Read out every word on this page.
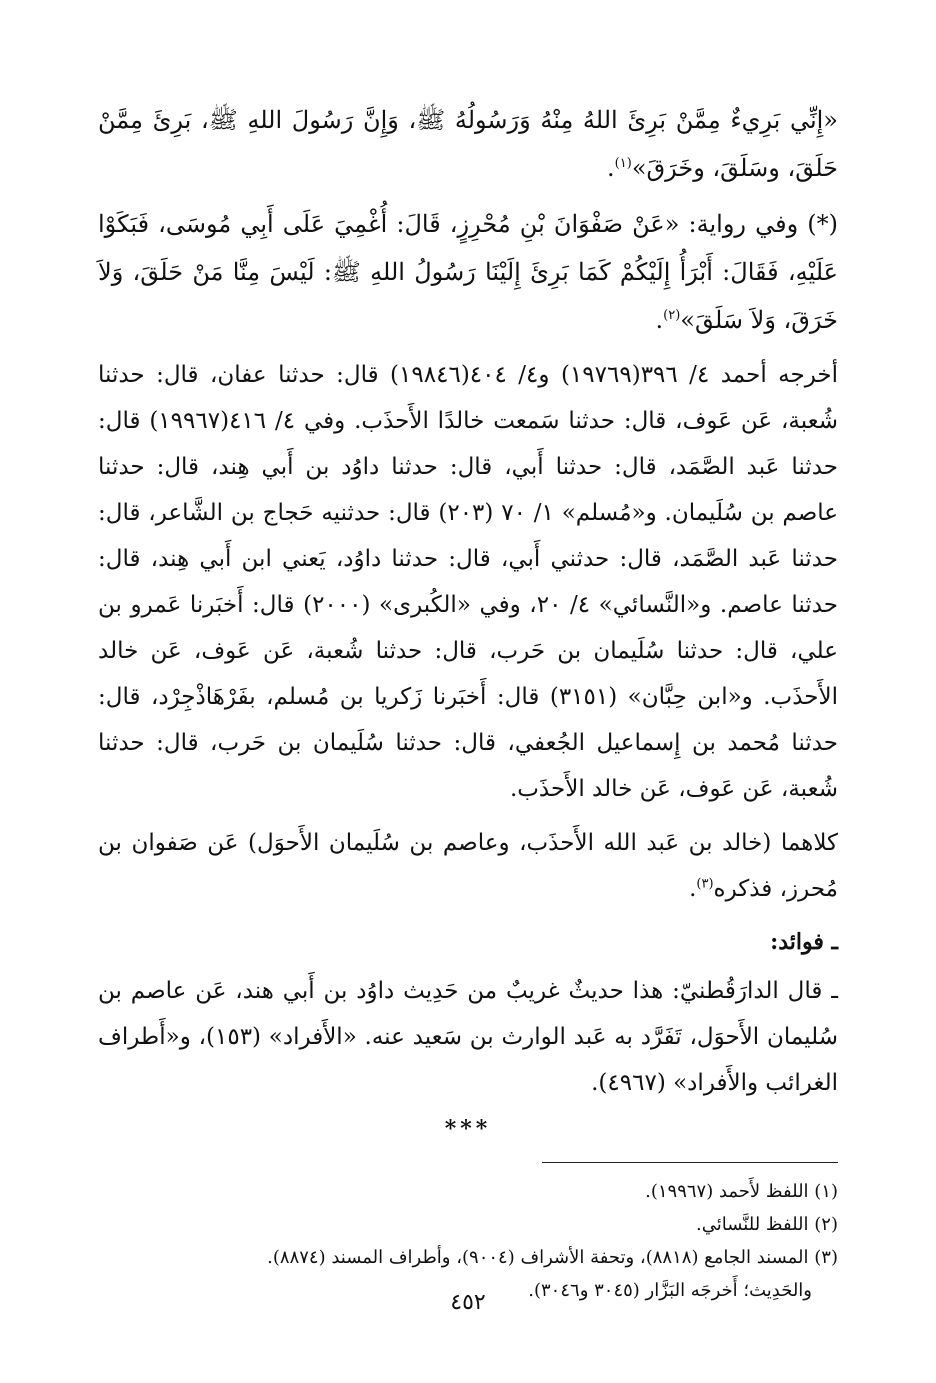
«إِنِّي بَرِيءٌ مِمَّنْ بَرِئَ اللهُ مِنْهُ وَرَسُولُهُ ﷺ، وَإِنَّ رَسُولَ اللهِ ﷺ، بَرِئَ مِمَّنْ حَلَقَ، وسَلَقَ، وخَرَقَ»$^{(١)}$.

(*) وفي رواية: «عَنْ صَفْوَانَ بْنِ مُحْرِزٍ، قَالَ: أُغْمِيَ عَلَى أَبِي مُوسَى، فَبَكَوْا عَلَيْهِ، فَقَالَ: أَبْرَأُ إِلَيْكُمْ كَمَا بَرِئَ إِلَيْنَا رَسُولُ اللهِ ﷺ: لَيْسَ مِنَّا مَنْ حَلَقَ، وَلاَ خَرَقَ، وَلاَ سَلَقَ»$^{(٢)}$.

أخرجه أحمد ٤/ ٣٩٦(١٩٧٦٩) و٤/ ٤٠٤(١٩٨٤٦) قال: حدثنا عفان، قال: حدثنا شُعبة، عَن عَوف، قال: حدثنا سَمعت خالدًا الأَحذَب. وفي ٤/ ٤١٦(١٩٩٦٧) قال: حدثنا عَبد الصَّمَد، قال: حدثنا أَبي، قال: حدثنا داوُد بن أَبي هِند، قال: حدثنا عاصم بن سُلَيمان. و«مُسلم» ١/ ٧٠ (٢٠٣) قال: حدثنيه حَجاج بن الشَّاعر، قال: حدثنا عَبد الصَّمَد، قال: حدثني أَبي، قال: حدثنا داوُد، يَعني ابن أَبي هِند، قال: حدثنا عاصم. و«النَّسائي» ٤/ ٢٠، وفي «الكُبرى» (٢٠٠٠) قال: أَخبَرنا عَمرو بن علي، قال: حدثنا سُلَيمان بن حَرب، قال: حدثنا شُعبة، عَن عَوف، عَن خالد الأَحذَب. و«ابن حِبَّان» (٣١٥١) قال: أَخبَرنا زَكريا بن مُسلم، بفَرْهَاذْجِرْد، قال: حدثنا مُحمد بن إِسماعيل الجُعفي، قال: حدثنا سُلَيمان بن حَرب، قال: حدثنا شُعبة، عَن عَوف، عَن خالد الأَحذَب.

كلاهما (خالد بن عَبد الله الأَحذَب، وعاصم بن سُلَيمان الأَحوَل) عَن صَفوان بن مُحرز، فذكره$^{(٣)}$.

ـ فوائد:

ـ قال الدارَقُطنيّ: هذا حديثٌ غريبٌ من حَدِيث داوُد بن أَبي هند، عَن عاصم بن سُليمان الأَحوَل، تَفَرَّد به عَبد الوارث بن سَعيد عنه. «الأَفراد» (١٥٣)، و«أَطراف الغرائب والأَفراد» (٤٩٦٧).

***

(١) اللفظ لأَحمد (١٩٩٦٧).

(٢) اللفظ للنَّسائي.

(٣) المسند الجامع (٨٨١٨)، وتحفة الأشراف (٩٠٠٤)، وأطراف المسند (٨٨٧٤).

والحَدِيث؛ أَخرجَه البَزَّار (٣٠٤٥ و٣٠٤٦).

٤٥٢
